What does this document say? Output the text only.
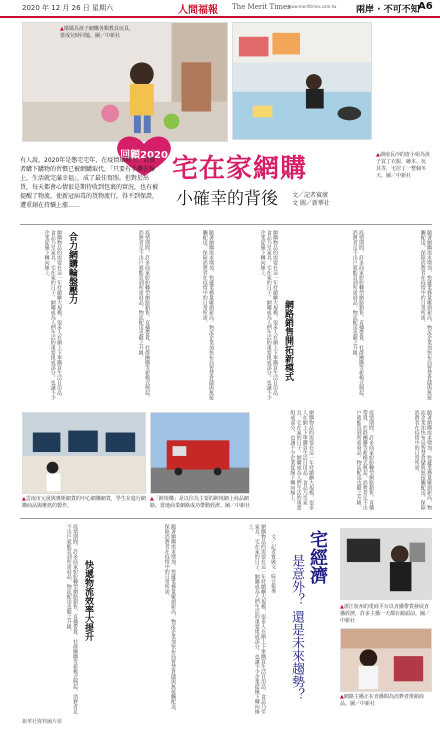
2020 年 12 月 26 日 星期六	人間福報 The Merit Times
www.merittimes.com.tw 兩岸 · 不可不知
A6
▲媽媽為孩子網購各類教具玩具，當成兒時回憶。圖／中新社
▲湖南長沙的唐小姐為孩子買了衣服、繪本、玩具等，宅居了一整個冬天。圖／中新社
回顧2020
有人說，2020年是憋宅宅年，在疫情環境下，消費者購下購物的習慣已被網購取代，「只要有手機在線上，生活就完滿幸福」，成了最佳寫照。但對於出貨，每天都會心情很是期待收到包裹的實況，也有被提醒了物流，使新冠病毒的貨物流行，得不到保證，遭重創在持續上漲……
宅在家網購
小確幸的背後 文／記者賓廣文 圖／新華社
網購物品的需要在這一年持續擴大規模，很多人在網上下單購買生活日用品、食品乃至家具。宅在家的日子，網購成為人們生活的重要組成部分，也讓不少企業從線下轉向線上。	合力網購輪盤壓力	疫情期間，許多商家紛紛轉型網路銷售，直播帶貨、社群團購等新模式興起，消費者足不出戶就能買到所需商品，物流配送也隨之升級。	隨著網購需求增加，快遞業務量屢創新高，物流企業加快布局智慧倉儲與無接觸配送，保障消費者在疫情中的日常所需。	網購物品的需要在這一年持續擴大規模，很多人在網上下單購買生活日用品、食品乃至家具。宅在家的日子，網購成為人們生活的重要組成部分，也讓不少企業從線下轉向線上。
網路銷售開拓新模式	疫情期間，許多商家紛紛轉型網路銷售，直播帶貨、社群團購等新模式興起，消費者足不出戶就能買到所需商品，物流配送也隨之升級。	隨著網購需求增加，快遞業務量屢創新高，物流企業加快布局智慧倉儲與無接觸配送，保障消費者在疫情中的日常所需。
▲雲南市元晟與奧斯網貨的中心網購網貨，學生在進行網購商品與辦訊的製作。
▲「跨境購」是以往為主要的跨境網上商品網路。當地商業網絡成功帶動經濟。圖／中新社	網購物品的需要在這一年持續擴大規模，很多人在網上下單購買生活日用品、食品乃至家具。宅在家的日子，網購成為人們生活的重要組成部分，也讓不少企業從線下轉向線上。	疫情期間，許多商家紛紛轉型網路銷售，直播帶貨、社群團購等新模式興起，消費者足不出戶就能買到所需商品，物流配送也隨之升級。	隨著網購需求增加，快遞業務量屢創新高，物流企業加快布局智慧倉儲與無接觸配送，保障消費者在疫情中的日常所需。
疫情期間，許多商家紛紛轉型網路銷售，直播帶貨、社群團購等新模式興起，消費者足不出戶就能買到所需商品，物流配送也隨之升級。	快遞物流效率大提升	隨著網購需求增加，快遞業務量屢創新高，物流企業加快布局智慧倉儲與無接觸配送，保障消費者在疫情中的日常所需。	網購物品的需要在這一年持續擴大規模，很多人在網上下單購買生活日用品、食品乃至家具。宅在家的日子，網購成為人們生活的重要組成部分，也讓不少企業從線下轉向線上。
文／記者賓廣文 · 綜合報導 是意外？ 還是未來趨勢？ 宅經濟
▲浙江杭州的電商平台以直播帶貨發展直播經濟，許多主播一天都在鏡頭前。圖／中新社
▲網路主播正在直播間為消費者推銷商品。圖／中新社
新華社資料圖片組
